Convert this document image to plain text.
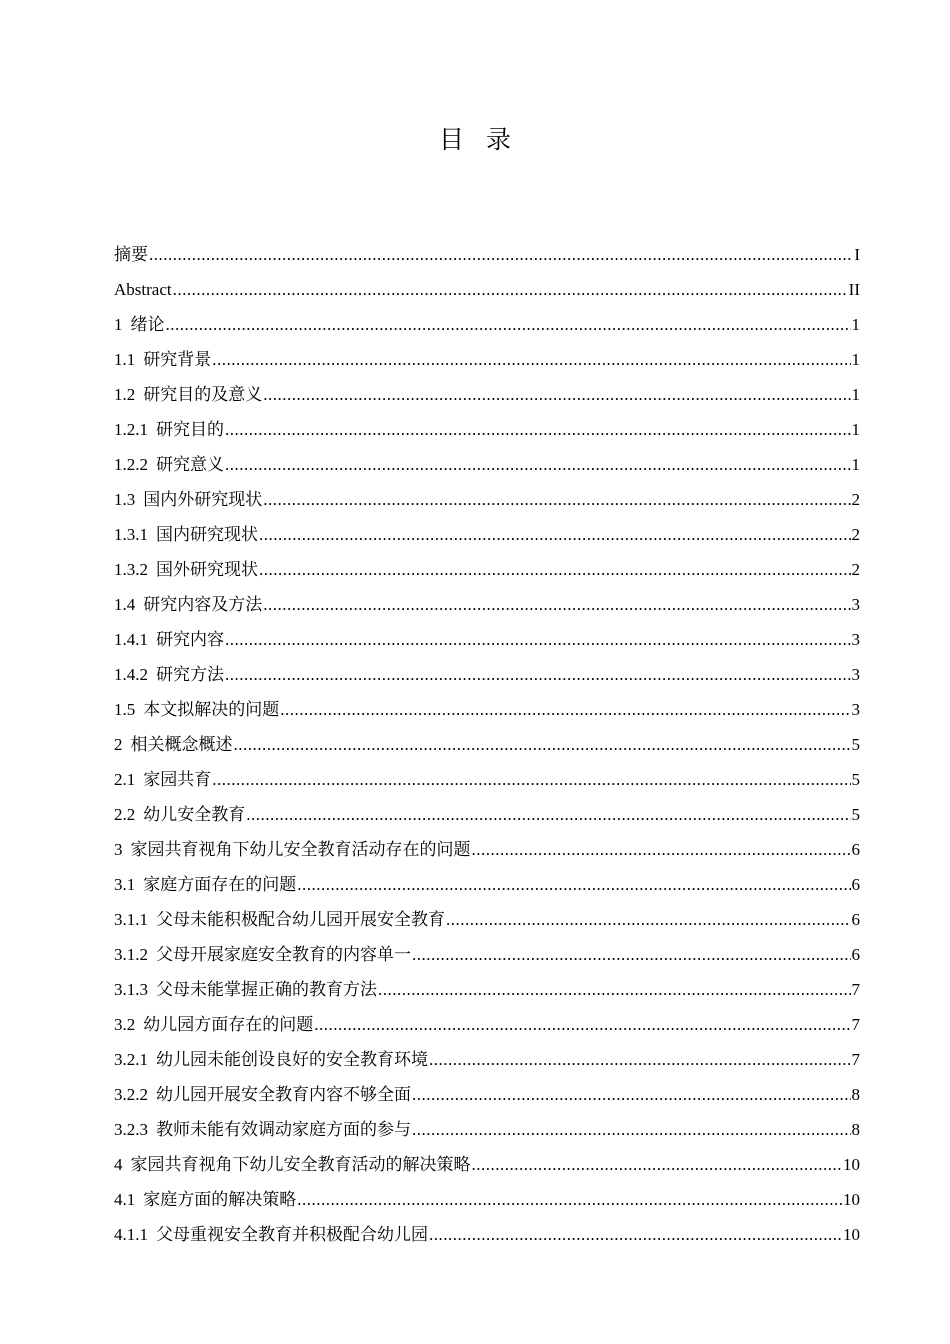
目录
摘要 .....	I
Abstract .....	II
1 绪论 .....	1
1.1 研究背景 .....	1
1.2 研究目的及意义 .....	1
1.2.1 研究目的 .....	1
1.2.2 研究意义 .....	1
1.3 国内外研究现状 .....	2
1.3.1 国内研究现状 .....	2
1.3.2 国外研究现状 .....	2
1.4 研究内容及方法 .....	3
1.4.1 研究内容 .....	3
1.4.2 研究方法 .....	3
1.5 本文拟解决的问题 .....	3
2 相关概念概述 .....	5
2.1 家园共育 .....	5
2.2 幼儿安全教育 .....	5
3 家园共育视角下幼儿安全教育活动存在的问题 .....	6
3.1 家庭方面存在的问题 .....	6
3.1.1 父母未能积极配合幼儿园开展安全教育 .....	6
3.1.2 父母开展家庭安全教育的内容单一 .....	6
3.1.3 父母未能掌握正确的教育方法 .....	7
3.2 幼儿园方面存在的问题 .....	7
3.2.1 幼儿园未能创设良好的安全教育环境 .....	7
3.2.2 幼儿园开展安全教育内容不够全面 .....	8
3.2.3 教师未能有效调动家庭方面的参与 .....	8
4 家园共育视角下幼儿安全教育活动的解决策略 .....	10
4.1 家庭方面的解决策略 .....	10
4.1.1 父母重视安全教育并积极配合幼儿园 .....	10
